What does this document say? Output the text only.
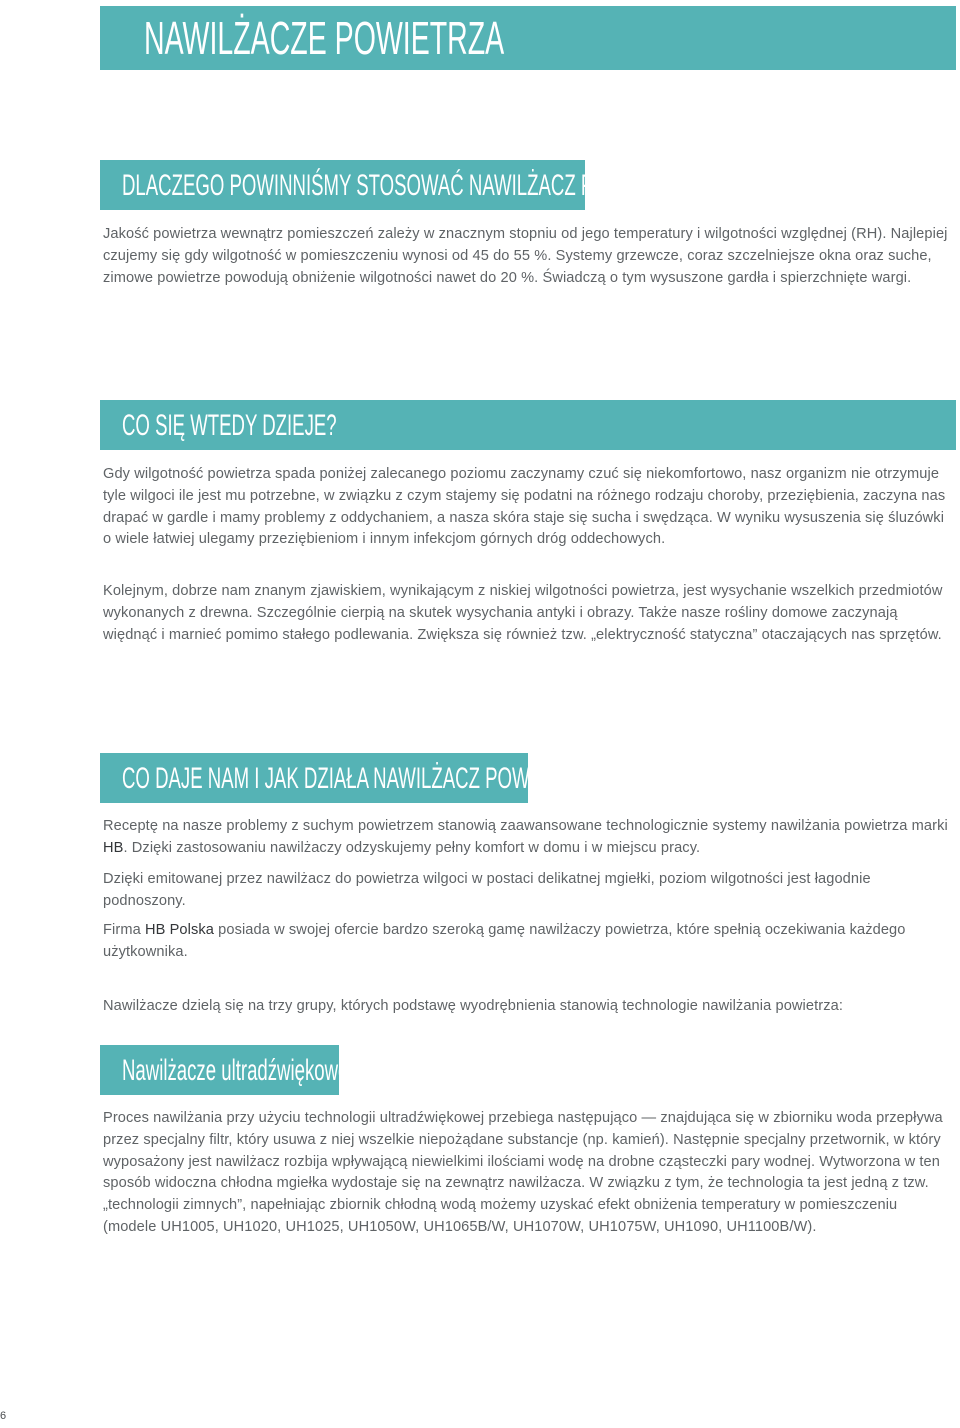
NAWILŻACZE POWIETRZA
DLACZEGO POWINNIŚMY STOSOWAĆ NAWILŻACZ POWIETRZA?

Jakość powietrza wewnątrz pomieszczeń zależy w znacznym stopniu od jego temperatury i wilgotności względnej (RH). Najlepiej czujemy się gdy wilgotność w pomieszczeniu wynosi od 45 do 55 %. Systemy grzewcze, coraz szczelniejsze okna oraz suche, zimowe powietrze powodują obniżenie wilgotności nawet do 20 %. Świadczą o tym wysuszone gardła i spierzchnięte wargi.

CO SIĘ WTEDY DZIEJE?

Gdy wilgotność powietrza spada poniżej zalecanego poziomu zaczynamy czuć się niekomfortowo, nasz organizm nie otrzymuje tyle wilgoci ile jest mu potrzebne, w związku z czym stajemy się podatni na różnego rodzaju choroby, przeziębienia, zaczyna nas drapać w gardle i mamy problemy z oddychaniem, a nasza skóra staje się sucha i swędząca. W wyniku wysuszenia się śluzówki o wiele łatwiej ulegamy przeziębieniom i innym infekcjom górnych dróg oddechowych.

Kolejnym, dobrze nam znanym zjawiskiem, wynikającym z niskiej wilgotności powietrza, jest wysychanie wszelkich przedmiotów wykonanych z drewna. Szczególnie cierpią na skutek wysychania antyki i obrazy. Także nasze rośliny domowe zaczynają więdnąć i marnieć pomimo stałego podlewania. Zwiększa się również tzw. „elektryczność statyczna” otaczających nas sprzętów.

CO DAJE NAM I JAK DZIAŁA NAWILŻACZ POWIETRZA?

Receptę na nasze problemy z suchym powietrzem stanowią zaawansowane technologicznie systemy nawilżania powietrza marki HB. Dzięki zastosowaniu nawilżaczy odzyskujemy pełny komfort w domu i w miejscu pracy.

Dzięki emitowanej przez nawilżacz do powietrza wilgoci w postaci delikatnej mgiełki, poziom wilgotności jest łagodnie podnoszony.

Firma HB Polska posiada w swojej ofercie bardzo szeroką gamę nawilżaczy powietrza, które spełnią oczekiwania każdego użytkownika.

Nawilżacze dzielą się na trzy grupy, których podstawę wyodrębnienia stanowią technologie nawilżania powietrza:

Nawilżacze ultradźwiękowe

Proces nawilżania przy użyciu technologii ultradźwiękowej przebiega następująco — znajdująca się w zbiorniku woda przepływa przez specjalny filtr, który usuwa z niej wszelkie niepożądane substancje (np. kamień). Następnie specjalny przetwornik, w który wyposażony jest nawilżacz rozbija wpływającą niewielkimi ilościami wodę na drobne cząsteczki pary wodnej. Wytworzona w ten sposób widoczna chłodna mgiełka wydostaje się na zewnątrz nawilżacza. W związku z tym, że technologia ta jest jedną z tzw. „technologii zimnych”, napełniając zbiornik chłodną wodą możemy uzyskać efekt obniżenia temperatury w pomieszczeniu (modele UH1005, UH1020, UH1025, UH1050W, UH1065B/W, UH1070W, UH1075W, UH1090, UH1100B/W).

6
